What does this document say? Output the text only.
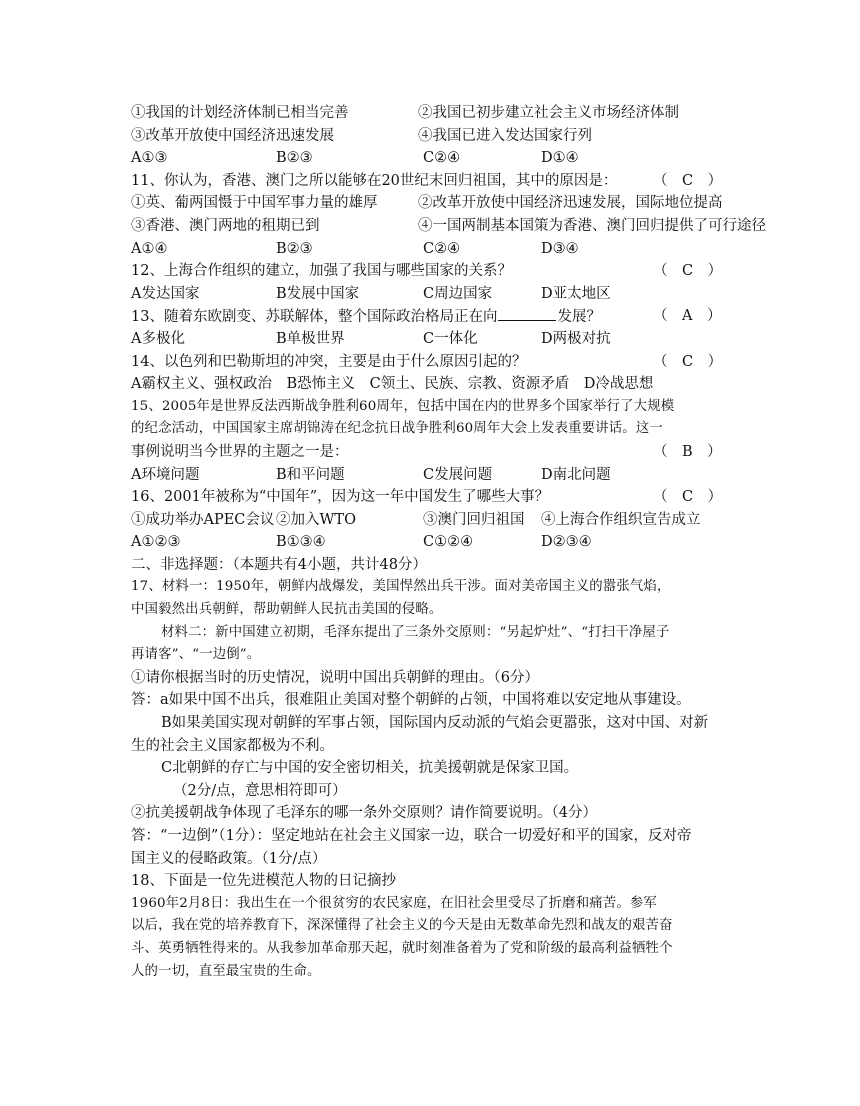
①我国的计划经济体制已相当完善	②我国已初步建立社会主义市场经济体制
③改革开放使中国经济迅速发展	④我国已进入发达国家行列
A①③	B②③	C②④	D①④
11、你认为，香港、澳门之所以能够在20世纪末回归祖国，其中的原因是： （　C　）
①英、葡两国慑于中国军事力量的雄厚	②改革开放使中国经济迅速发展，国际地位提高
③香港、澳门两地的租期已到	④一国两制基本国策为香港、澳门回归提供了可行途径
A①④	B②③	C②④	D③④
12、上海合作组织的建立，加强了我国与哪些国家的关系？	（　C　）
A发达国家	B发展中国家	C周边国家	D亚太地区
13、随着东欧剧变、苏联解体，整个国际政治格局正在向	发展？	（　A　）
A多极化	B单极世界	C一体化	D两极对抗
14、以色列和巴勒斯坦的冲突，主要是由于什么原因引起的？	（　C　）
A霸权主义、强权政治　B恐怖主义　C领土、民族、宗教、资源矛盾　D冷战思想
15、2005年是世界反法西斯战争胜利60周年，包括中国在内的世界多个国家举行了大规模
的纪念活动，中国国家主席胡锦涛在纪念抗日战争胜利60周年大会上发表重要讲话。这一
事例说明当今世界的主题之一是：	（　B　）
A环境问题	B和平问题	C发展问题	D南北问题
16、2001年被称为“中国年”，因为这一年中国发生了哪些大事？	（　C　）
①成功举办APEC会议 ②加入WTO	③澳门回归祖国 ④上海合作组织宣告成立
A①②③	B①③④	C①②④	D②③④
二、非选择题：（本题共有4小题，共计48分）
17、材料一：1950年，朝鲜内战爆发，美国悍然出兵干涉。面对美帝国主义的嚣张气焰，
中国毅然出兵朝鲜，帮助朝鲜人民抗击美国的侵略。
材料二：新中国建立初期，毛泽东提出了三条外交原则：“另起炉灶”、“打扫干净屋子
再请客”、“一边倒”。
①请你根据当时的历史情况，说明中国出兵朝鲜的理由。（6分）
答：a如果中国不出兵，很难阻止美国对整个朝鲜的占领，中国将难以安定地从事建设。
B如果美国实现对朝鲜的军事占领，国际国内反动派的气焰会更嚣张，这对中国、对新
生的社会主义国家都极为不利。
C北朝鲜的存亡与中国的安全密切相关，抗美援朝就是保家卫国。
（2分/点，意思相符即可）
②抗美援朝战争体现了毛泽东的哪一条外交原则？请作简要说明。（4分）
答：“一边倒”（1分）：坚定地站在社会主义国家一边，联合一切爱好和平的国家，反对帝
国主义的侵略政策。（1分/点）
18、下面是一位先进模范人物的日记摘抄
1960年2月8日：我出生在一个很贫穷的农民家庭，在旧社会里受尽了折磨和痛苦。参军
以后，我在党的培养教育下，深深懂得了社会主义的今天是由无数革命先烈和战友的艰苦奋
斗、英勇牺牲得来的。从我参加革命那天起，就时刻准备着为了党和阶级的最高利益牺牲个
人的一切，直至最宝贵的生命。
